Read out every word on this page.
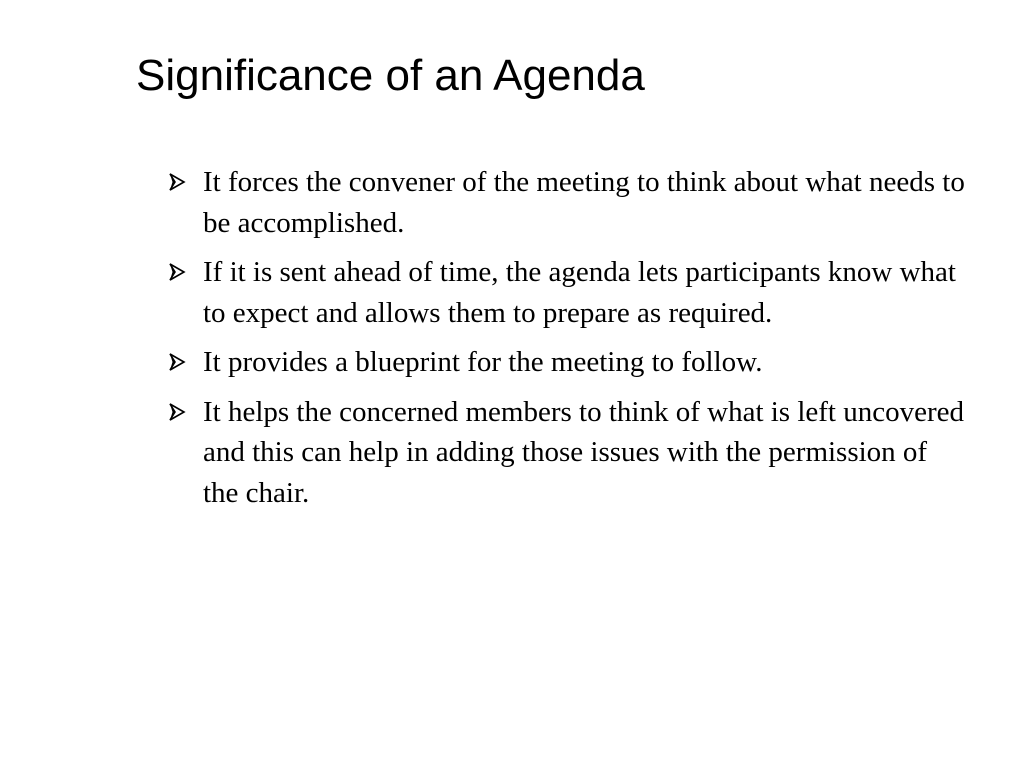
Significance of an Agenda
It forces the convener of the meeting to think about what needs to be accomplished.
If it is sent ahead of time, the agenda lets participants know what to expect and allows them to prepare as required.
It provides a blueprint for the meeting to follow.
It helps the concerned members to think of what is left uncovered and this can help in adding those issues with the permission of the chair.
